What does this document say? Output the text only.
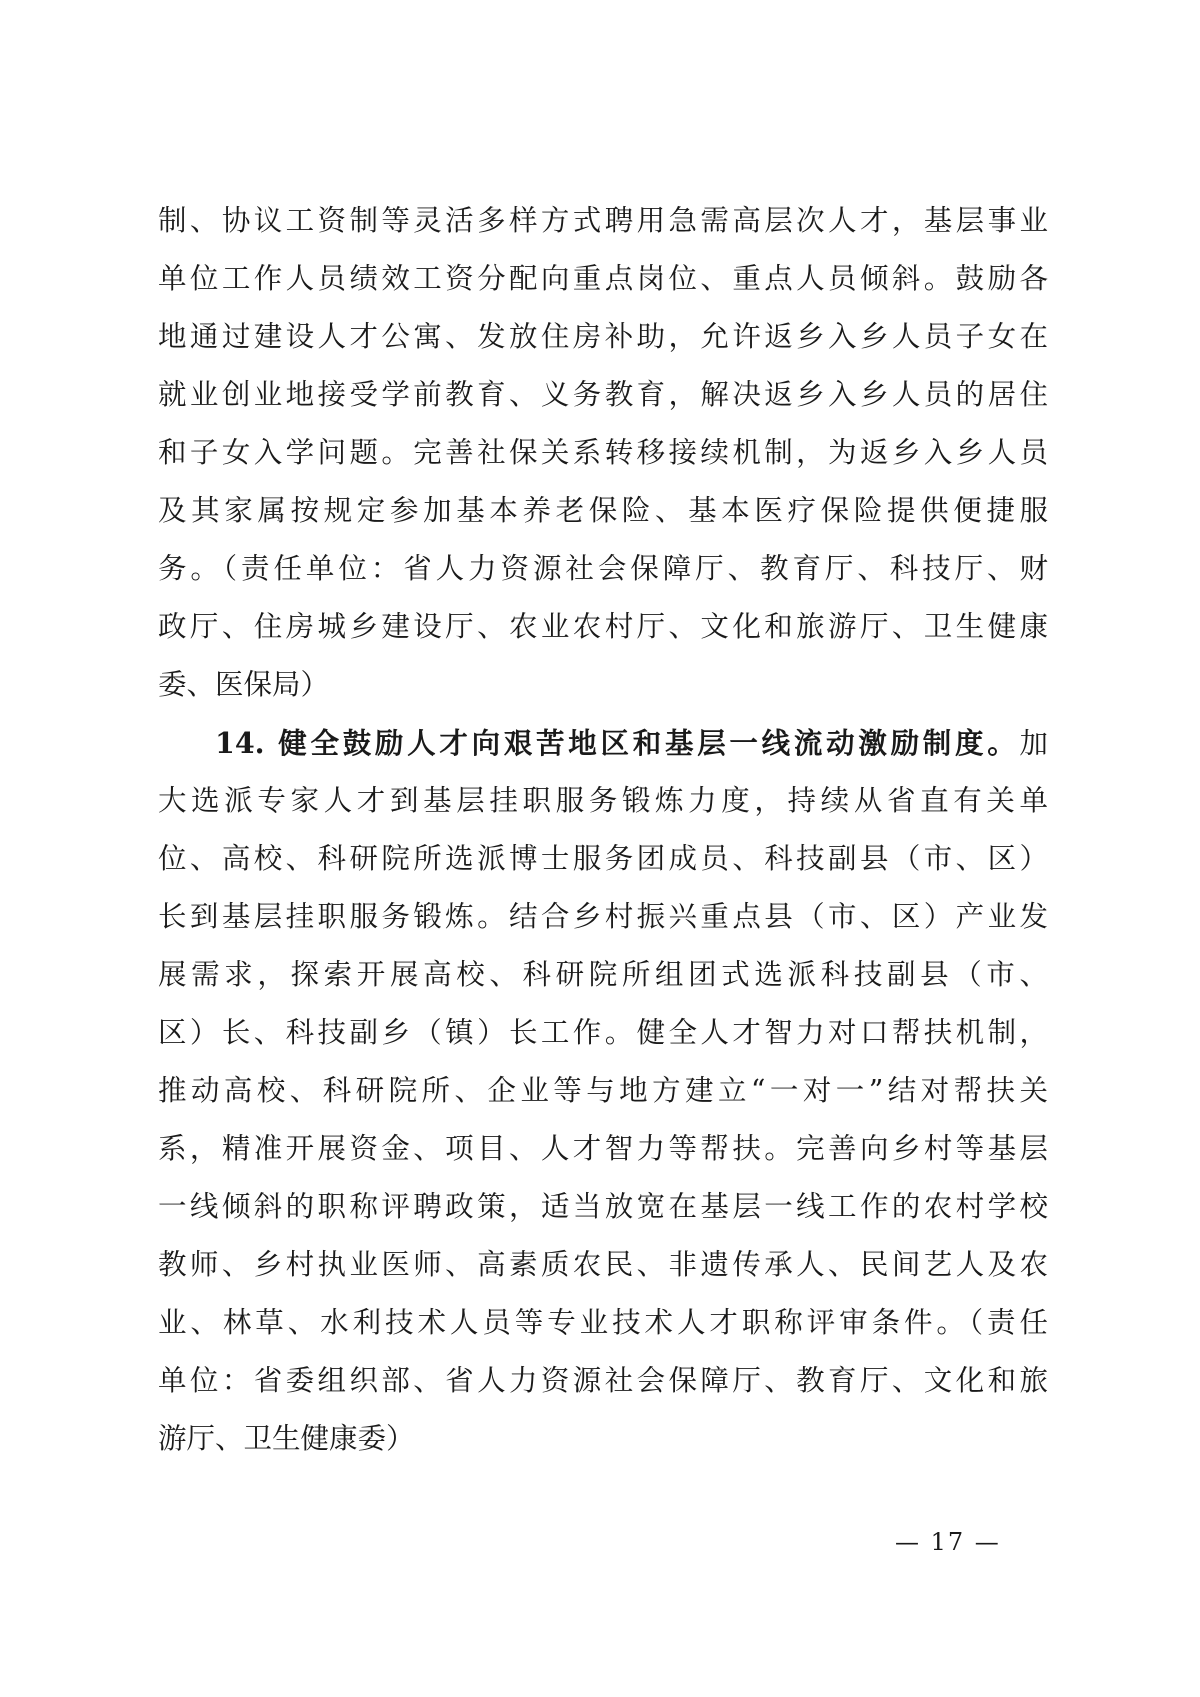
制、协议工资制等灵活多样方式聘用急需高层次人才，基层事业
单位工作人员绩效工资分配向重点岗位、重点人员倾斜。鼓励各
地通过建设人才公寓、发放住房补助，允许返乡入乡人员子女在
就业创业地接受学前教育、义务教育，解决返乡入乡人员的居住
和子女入学问题。完善社保关系转移接续机制，为返乡入乡人员
及其家属按规定参加基本养老保险、基本医疗保险提供便捷服
务。（责任单位：省人力资源社会保障厅、教育厅、科技厅、财
政厅、住房城乡建设厅、农业农村厅、文化和旅游厅、卫生健康
委、医保局）
14. 健全鼓励人才向艰苦地区和基层一线流动激励制度。加
大选派专家人才到基层挂职服务锻炼力度，持续从省直有关单
位、高校、科研院所选派博士服务团成员、科技副县（市、区）
长到基层挂职服务锻炼。结合乡村振兴重点县（市、区）产业发
展需求，探索开展高校、科研院所组团式选派科技副县（市、
区）长、科技副乡（镇）长工作。健全人才智力对口帮扶机制，
推动高校、科研院所、企业等与地方建立“一对一”结对帮扶关
系，精准开展资金、项目、人才智力等帮扶。完善向乡村等基层
一线倾斜的职称评聘政策，适当放宽在基层一线工作的农村学校
教师、乡村执业医师、高素质农民、非遗传承人、民间艺人及农
业、林草、水利技术人员等专业技术人才职称评审条件。（责任
单位：省委组织部、省人力资源社会保障厅、教育厅、文化和旅
游厅、卫生健康委）
— 17 —
